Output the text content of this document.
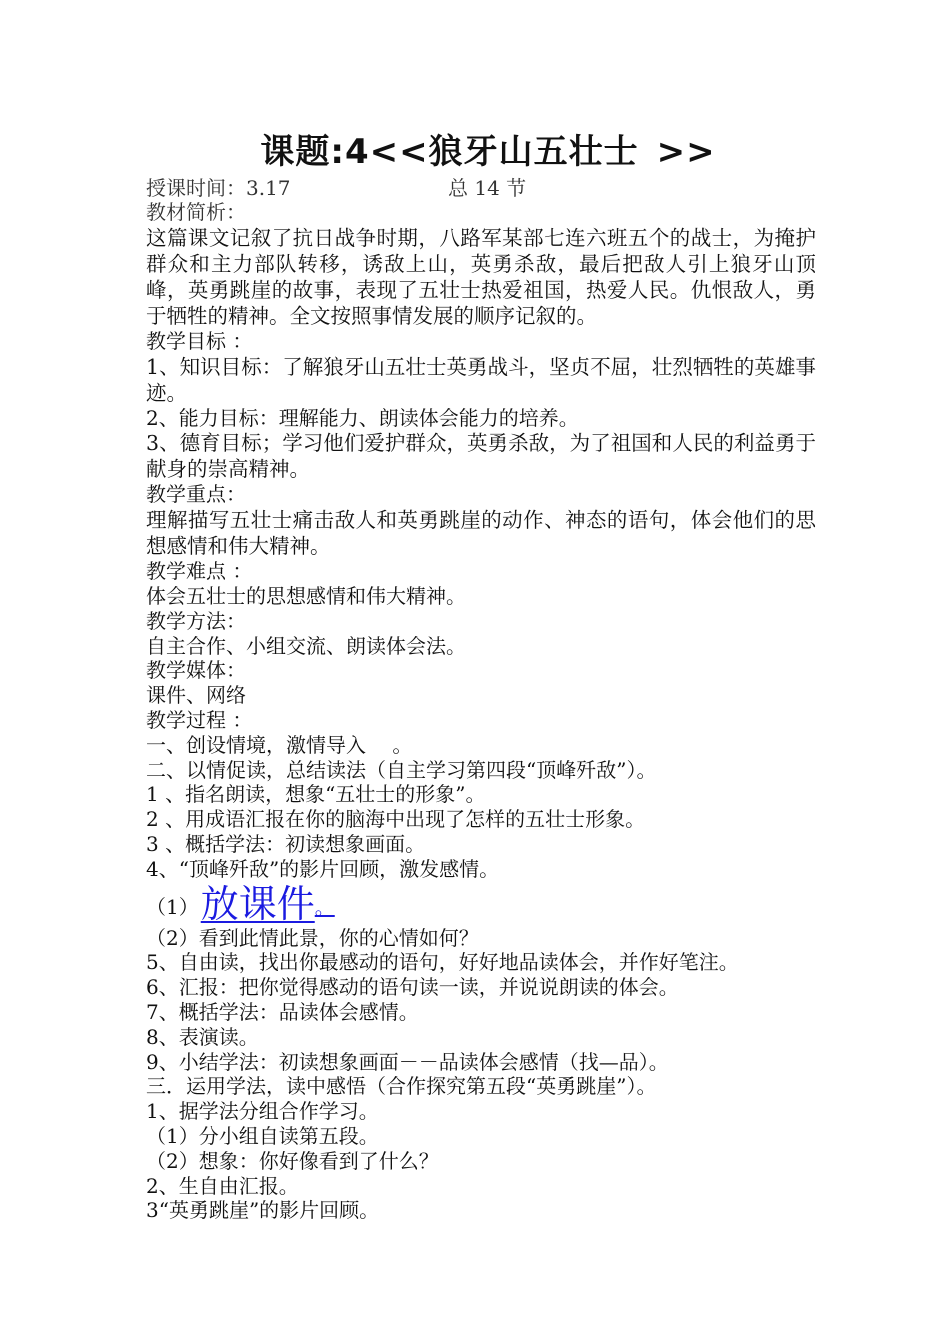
课题:4<<狼牙山五壮士 >>
授课时间：3.17	总 14 节

教材简析：

这篇课文记叙了抗日战争时期，八路军某部七连六班五个的战士，为掩护群众和主力部队转移，诱敌上山，英勇杀敌，最后把敌人引上狼牙山顶峰，英勇跳崖的故事，表现了五壮士热爱祖国，热爱人民。仇恨敌人，勇于牺牲的精神。全文按照事情发展的顺序记叙的。

教学目标 ：

1、知识目标：了解狼牙山五壮士英勇战斗，坚贞不屈，壮烈牺牲的英雄事迹。

2、能力目标：理解能力、朗读体会能力的培养。

3、德育目标；学习他们爱护群众，英勇杀敌，为了祖国和人民的利益勇于献身的崇高精神。

教学重点：

理解描写五壮士痛击敌人和英勇跳崖的动作、神态的语句，体会他们的思想感情和伟大精神。

教学难点 ：

体会五壮士的思想感情和伟大精神。

教学方法：

自主合作、小组交流、朗读体会法。

教学媒体：

课件、网络

教学过程 ：

一、创设情境，激情导入　 。

二、以情促读，总结读法（自主学习第四段“顶峰歼敌”）。

1 、指名朗读，想象“五壮士的形象”。

2 、用成语汇报在你的脑海中出现了怎样的五壮士形象。

3 、概括学法：初读想象画面。

4、“顶峰歼敌”的影片回顾，激发感情。

（1）放课件。

（2）看到此情此景，你的心情如何？

5、自由读，找出你最感动的语句，好好地品读体会，并作好笔注。

6、汇报：把你觉得感动的语句读一读，并说说朗读的体会。

7、概括学法：品读体会感情。

8、表演读。

9、小结学法：初读想象画面－－品读体会感情（找—品）。

三．运用学法，读中感悟（合作探究第五段“英勇跳崖”）。

1、据学法分组合作学习。

（1）分小组自读第五段。

（2）想象：你好像看到了什么？

2、生自由汇报。

3“英勇跳崖”的影片回顾。
